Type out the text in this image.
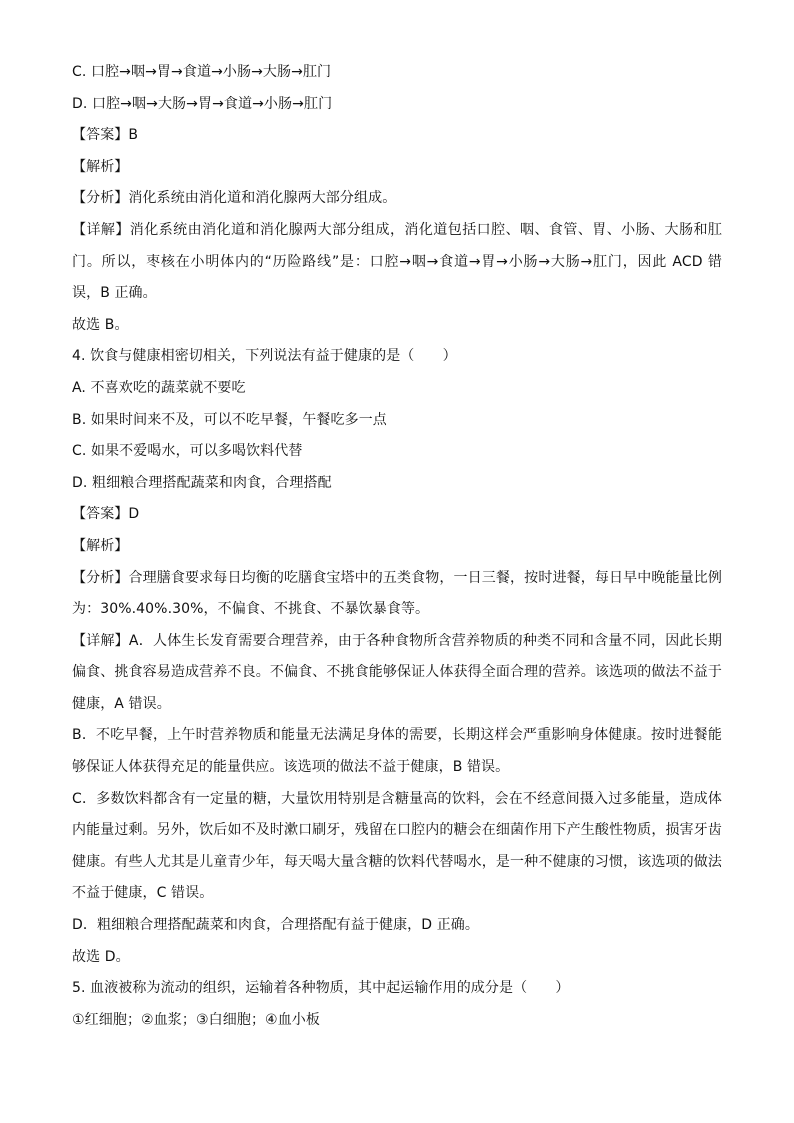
C. 口腔→咽→胃→食道→小肠→大肠→肛门
D. 口腔→咽→大肠→胃→食道→小肠→肛门
【答案】B
【解析】
【分析】消化系统由消化道和消化腺两大部分组成。
【详解】消化系统由消化道和消化腺两大部分组成，消化道包括口腔、咽、食管、胃、小肠、大肠和肛
门。所以，枣核在小明体内的“历险路线”是：口腔→咽→食道→胃→小肠→大肠→肛门，因此 ACD 错
误，B 正确。
故选 B。
4. 饮食与健康相密切相关，下列说法有益于健康的是（　　）
A. 不喜欢吃的蔬菜就不要吃
B. 如果时间来不及，可以不吃早餐，午餐吃多一点
C. 如果不爱喝水，可以多喝饮料代替
D. 粗细粮合理搭配蔬菜和肉食，合理搭配
【答案】D
【解析】
【分析】合理膳食要求每日均衡的吃膳食宝塔中的五类食物，一日三餐，按时进餐，每日早中晚能量比例
为：30%.40%.30%，不偏食、不挑食、不暴饮暴食等。
【详解】A．人体生长发育需要合理营养，由于各种食物所含营养物质的种类不同和含量不同，因此长期
偏食、挑食容易造成营养不良。不偏食、不挑食能够保证人体获得全面合理的营养。该选项的做法不益于
健康，A 错误。
B．不吃早餐，上午时营养物质和能量无法满足身体的需要，长期这样会严重影响身体健康。按时进餐能
够保证人体获得充足的能量供应。该选项的做法不益于健康，B 错误。
C．多数饮料都含有一定量的糖，大量饮用特别是含糖量高的饮料，会在不经意间摄入过多能量，造成体
内能量过剩。另外，饮后如不及时漱口刷牙，残留在口腔内的糖会在细菌作用下产生酸性物质，损害牙齿
健康。有些人尤其是儿童青少年，每天喝大量含糖的饮料代替喝水，是一种不健康的习惯，该选项的做法
不益于健康，C 错误。
D．粗细粮合理搭配蔬菜和肉食，合理搭配有益于健康，D 正确。
故选 D。
5. 血液被称为流动的组织，运输着各种物质，其中起运输作用的成分是（　　）
①红细胞；②血浆；③白细胞；④血小板
